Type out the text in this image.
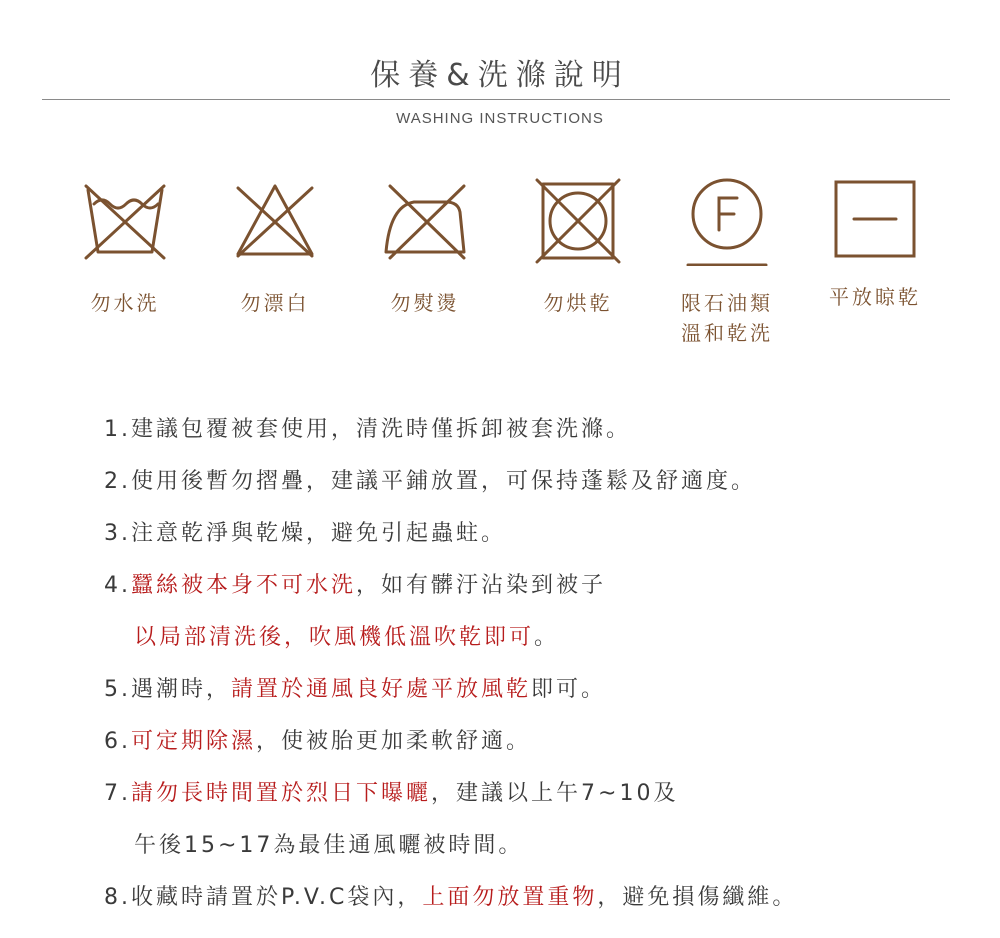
保養&洗滌說明
WASHING INSTRUCTIONS
勿水洗	勿漂白	勿熨燙	勿烘乾	限石油類
溫和乾洗
平放晾乾
1.建議包覆被套使用，清洗時僅拆卸被套洗滌。
2.使用後暫勿摺疊，建議平鋪放置，可保持蓬鬆及舒適度。
3.注意乾淨與乾燥，避免引起蟲蛀。
4.蠶絲被本身不可水洗，如有髒汙沾染到被子
以局部清洗後，吹風機低溫吹乾即可。
5.遇潮時，請置於通風良好處平放風乾即可。
6.可定期除濕，使被胎更加柔軟舒適。
7.請勿長時間置於烈日下曝曬，建議以上午7~10及
午後15~17為最佳通風曬被時間。
8.收藏時請置於P.V.C袋內，上面勿放置重物，避免損傷纖維。
